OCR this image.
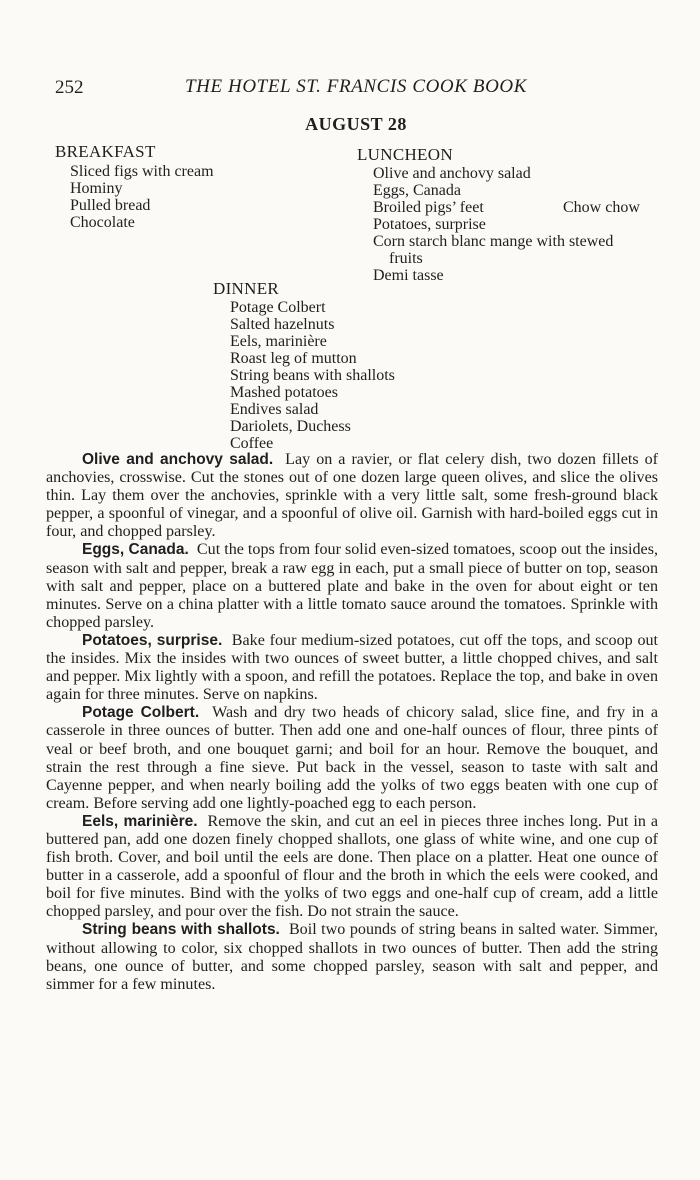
252	THE HOTEL ST. FRANCIS COOK BOOK
AUGUST 28
BREAKFAST
Sliced figs with cream
Hominy
Pulled bread
Chocolate
LUNCHEON
Olive and anchovy salad
Eggs, Canada
Broiled pigs’ feet
Potatoes, surprise
Corn starch blanc mange with stewed
fruits
Demi tasse
Chow chow
DINNER
Potage Colbert
Salted hazelnuts
Eels, marinière
Roast leg of mutton
String beans with shallots
Mashed potatoes
Endives salad
Dariolets, Duchess
Coffee

Olive and anchovy salad. Lay on a ravier, or flat celery dish, two dozen fillets of anchovies, crosswise. Cut the stones out of one dozen large queen olives, and slice the olives thin. Lay them over the anchovies, sprinkle with a very little salt, some fresh-ground black pepper, a spoonful of vinegar, and a spoonful of olive oil. Garnish with hard-boiled eggs cut in four, and chopped parsley.

Eggs, Canada. Cut the tops from four solid even-sized tomatoes, scoop out the insides, season with salt and pepper, break a raw egg in each, put a small piece of butter on top, season with salt and pepper, place on a buttered plate and bake in the oven for about eight or ten minutes. Serve on a china platter with a little tomato sauce around the tomatoes. Sprinkle with chopped parsley.

Potatoes, surprise. Bake four medium-sized potatoes, cut off the tops, and scoop out the insides. Mix the insides with two ounces of sweet butter, a little chopped chives, and salt and pepper. Mix lightly with a spoon, and refill the potatoes. Replace the top, and bake in oven again for three minutes. Serve on napkins.

Potage Colbert. Wash and dry two heads of chicory salad, slice fine, and fry in a casserole in three ounces of butter. Then add one and one-half ounces of flour, three pints of veal or beef broth, and one bouquet garni; and boil for an hour. Remove the bouquet, and strain the rest through a fine sieve. Put back in the vessel, season to taste with salt and Cayenne pepper, and when nearly boiling add the yolks of two eggs beaten with one cup of cream. Before serving add one lightly-poached egg to each person.

Eels, marinière. Remove the skin, and cut an eel in pieces three inches long. Put in a buttered pan, add one dozen finely chopped shallots, one glass of white wine, and one cup of fish broth. Cover, and boil until the eels are done. Then place on a platter. Heat one ounce of butter in a casserole, add a spoonful of flour and the broth in which the eels were cooked, and boil for five minutes. Bind with the yolks of two eggs and one-half cup of cream, add a little chopped parsley, and pour over the fish. Do not strain the sauce.

String beans with shallots. Boil two pounds of string beans in salted water. Simmer, without allowing to color, six chopped shallots in two ounces of butter. Then add the string beans, one ounce of butter, and some chopped parsley, season with salt and pepper, and simmer for a few minutes.
